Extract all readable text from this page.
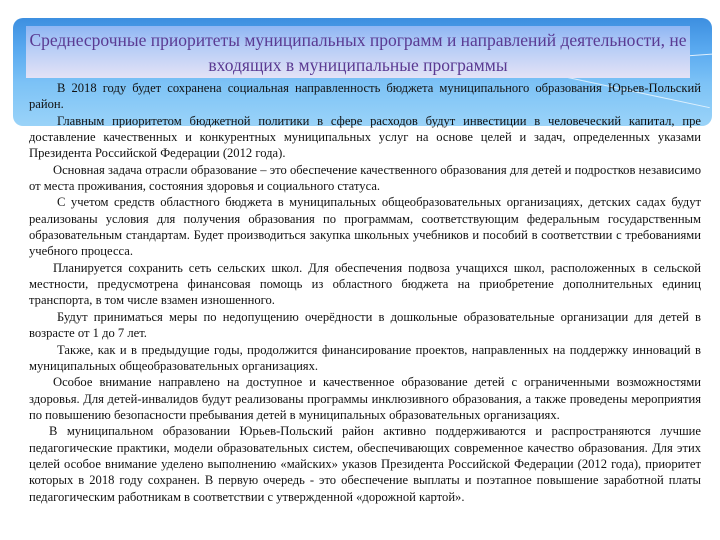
Среднесрочные приоритеты муниципальных программ и направлений деятельности, не входящих в муниципальные программы

В 2018 году будет сохранена социальная направленность бюджета муниципального образования Юрьев-Польский район.

Главным приоритетом бюджетной политики в сфере расходов будут инвестиции в человеческий капитал, пре доставление качественных и конкурентных муниципальных услуг на основе целей и задач, определенных указами Президента Российской Федерации (2012 года).

Основная задача отрасли образование – это обеспечение качественного образования для детей и подростков независимо от места проживания, состояния здоровья и социального статуса.

С учетом средств областного бюджета в муниципальных общеобразовательных организациях, детских садах будут реализованы условия для получения образования по программам, соответствующим федеральным государственным образовательным стандартам. Будет производиться закупка школьных учебников и пособий в соответствии с требованиями учебного процесса.

Планируется сохранить сеть сельских школ. Для обеспечения подвоза учащихся школ, расположенных в сельской местности, предусмотрена финансовая помощь из областного бюджета на приобретение дополнительных единиц транспорта, в том числе взамен изношенного.

Будут приниматься меры по недопущению очерёдности в дошкольные образовательные организации для детей в возрасте от 1 до 7 лет.

Также, как и в предыдущие годы, продолжится финансирование проектов, направленных на поддержку инноваций в муниципальных общеобразовательных организациях.

Особое внимание направлено на доступное и качественное образование детей с ограниченными возможностями здоровья. Для детей-инвалидов будут реализованы программы инклюзивного образования, а также проведены мероприятия по повышению безопасности пребывания детей в муниципальных образовательных организациях.

В муниципальном образовании Юрьев-Польский район активно поддерживаются и распространяются лучшие педагогические практики, модели образовательных систем, обеспечивающих современное качество образования. Для этих целей особое внимание уделено выполнению «майских» указов Президента Российской Федерации (2012 года), приоритет которых в 2018 году сохранен. В первую очередь - это обеспечение выплаты и поэтапное повышение заработной платы педагогическим работникам в соответствии с утвержденной «дорожной картой».
